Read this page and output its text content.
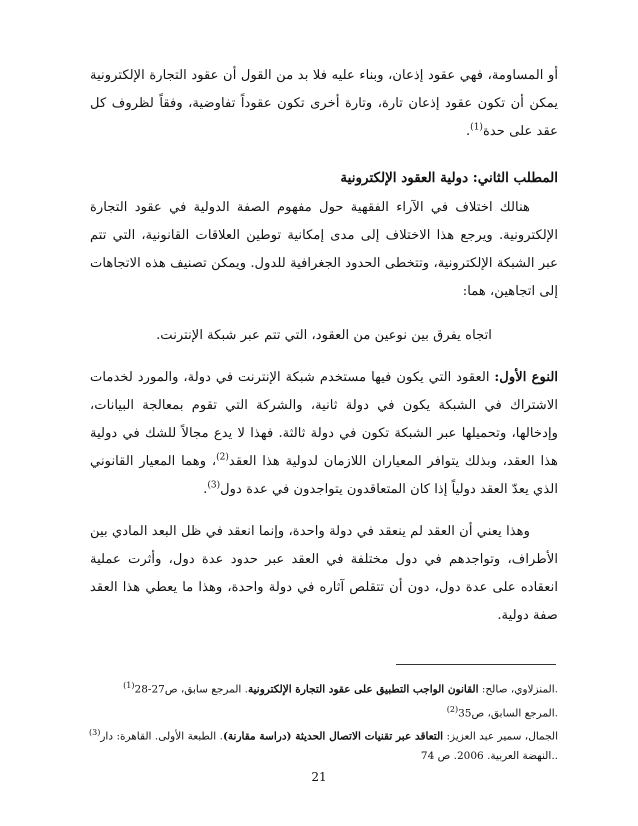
أو المساومة، فهي عقود إذعان، وبناء عليه فلا بد من القول أن عقود التجارة الإلكترونية يمكن أن تكون عقود إذعان تارة، وتارة أخرى تكون عقوداً تفاوضية، وفقاً لظروف كل عقد على حدة$^{(1)}$.

المطلب الثاني: دولية العقود الإلكترونية

هنالك اختلاف في الآراء الفقهية حول مفهوم الصفة الدولية في عقود التجارة الإلكترونية. ويرجع هذا الاختلاف إلى مدى إمكانية توطين العلاقات القانونية، التي تتم عبر الشبكة الإلكترونية، وتتخطى الحدود الجغرافية للدول. ويمكن تصنيف هذه الاتجاهات إلى اتجاهين، هما:

اتجاه يفرق بين نوعين من العقود، التي تتم عبر شبكة الإنترنت.

النوع الأول: العقود التي يكون فيها مستخدم شبكة الإنترنت في دولة، والمورد لخدمات الاشتراك في الشبكة يكون في دولة ثانية، والشركة التي تقوم بمعالجة البيانات، وإدخالها، وتحميلها عبر الشبكة تكون في دولة ثالثة. فهذا لا يدع مجالاً للشك في دولية هذا العقد، وبذلك يتوافر المعياران اللازمان لدولية هذا العقد$^{(2)}$، وهما المعيار القانوني الذي يعدّ العقد دولياً إذا كان المتعاقدون يتواجدون في عدة دول$^{(3)}$.

وهذا يعني أن العقد لم ينعقد في دولة واحدة، وإنما انعقد في ظل البعد المادي بين الأطراف، وتواجدهم في دول مختلفة في العقد عبر حدود عدة دول، وأثرت عملية انعقاده على عدة دول، دون أن تتقلص آثاره في دولة واحدة، وهذا ما يعطي هذا العقد صفة دولية.

$^{(1)}$	المنزلاوي، صالح: القانون الواجب التطبيق على عقود التجارة الإلكترونية. المرجع سابق، ص27-28.

$^{(2)}$المرجع السابق، ص35.

$^{(3)}$	الجمال، سمير عبد العزيز: التعاقد عبر تقنيات الاتصال الحديثة (دراسة مقارنة). الطبعة الأولى. القاهرة: دار النهضة العربية. 2006. ص 74..

21
